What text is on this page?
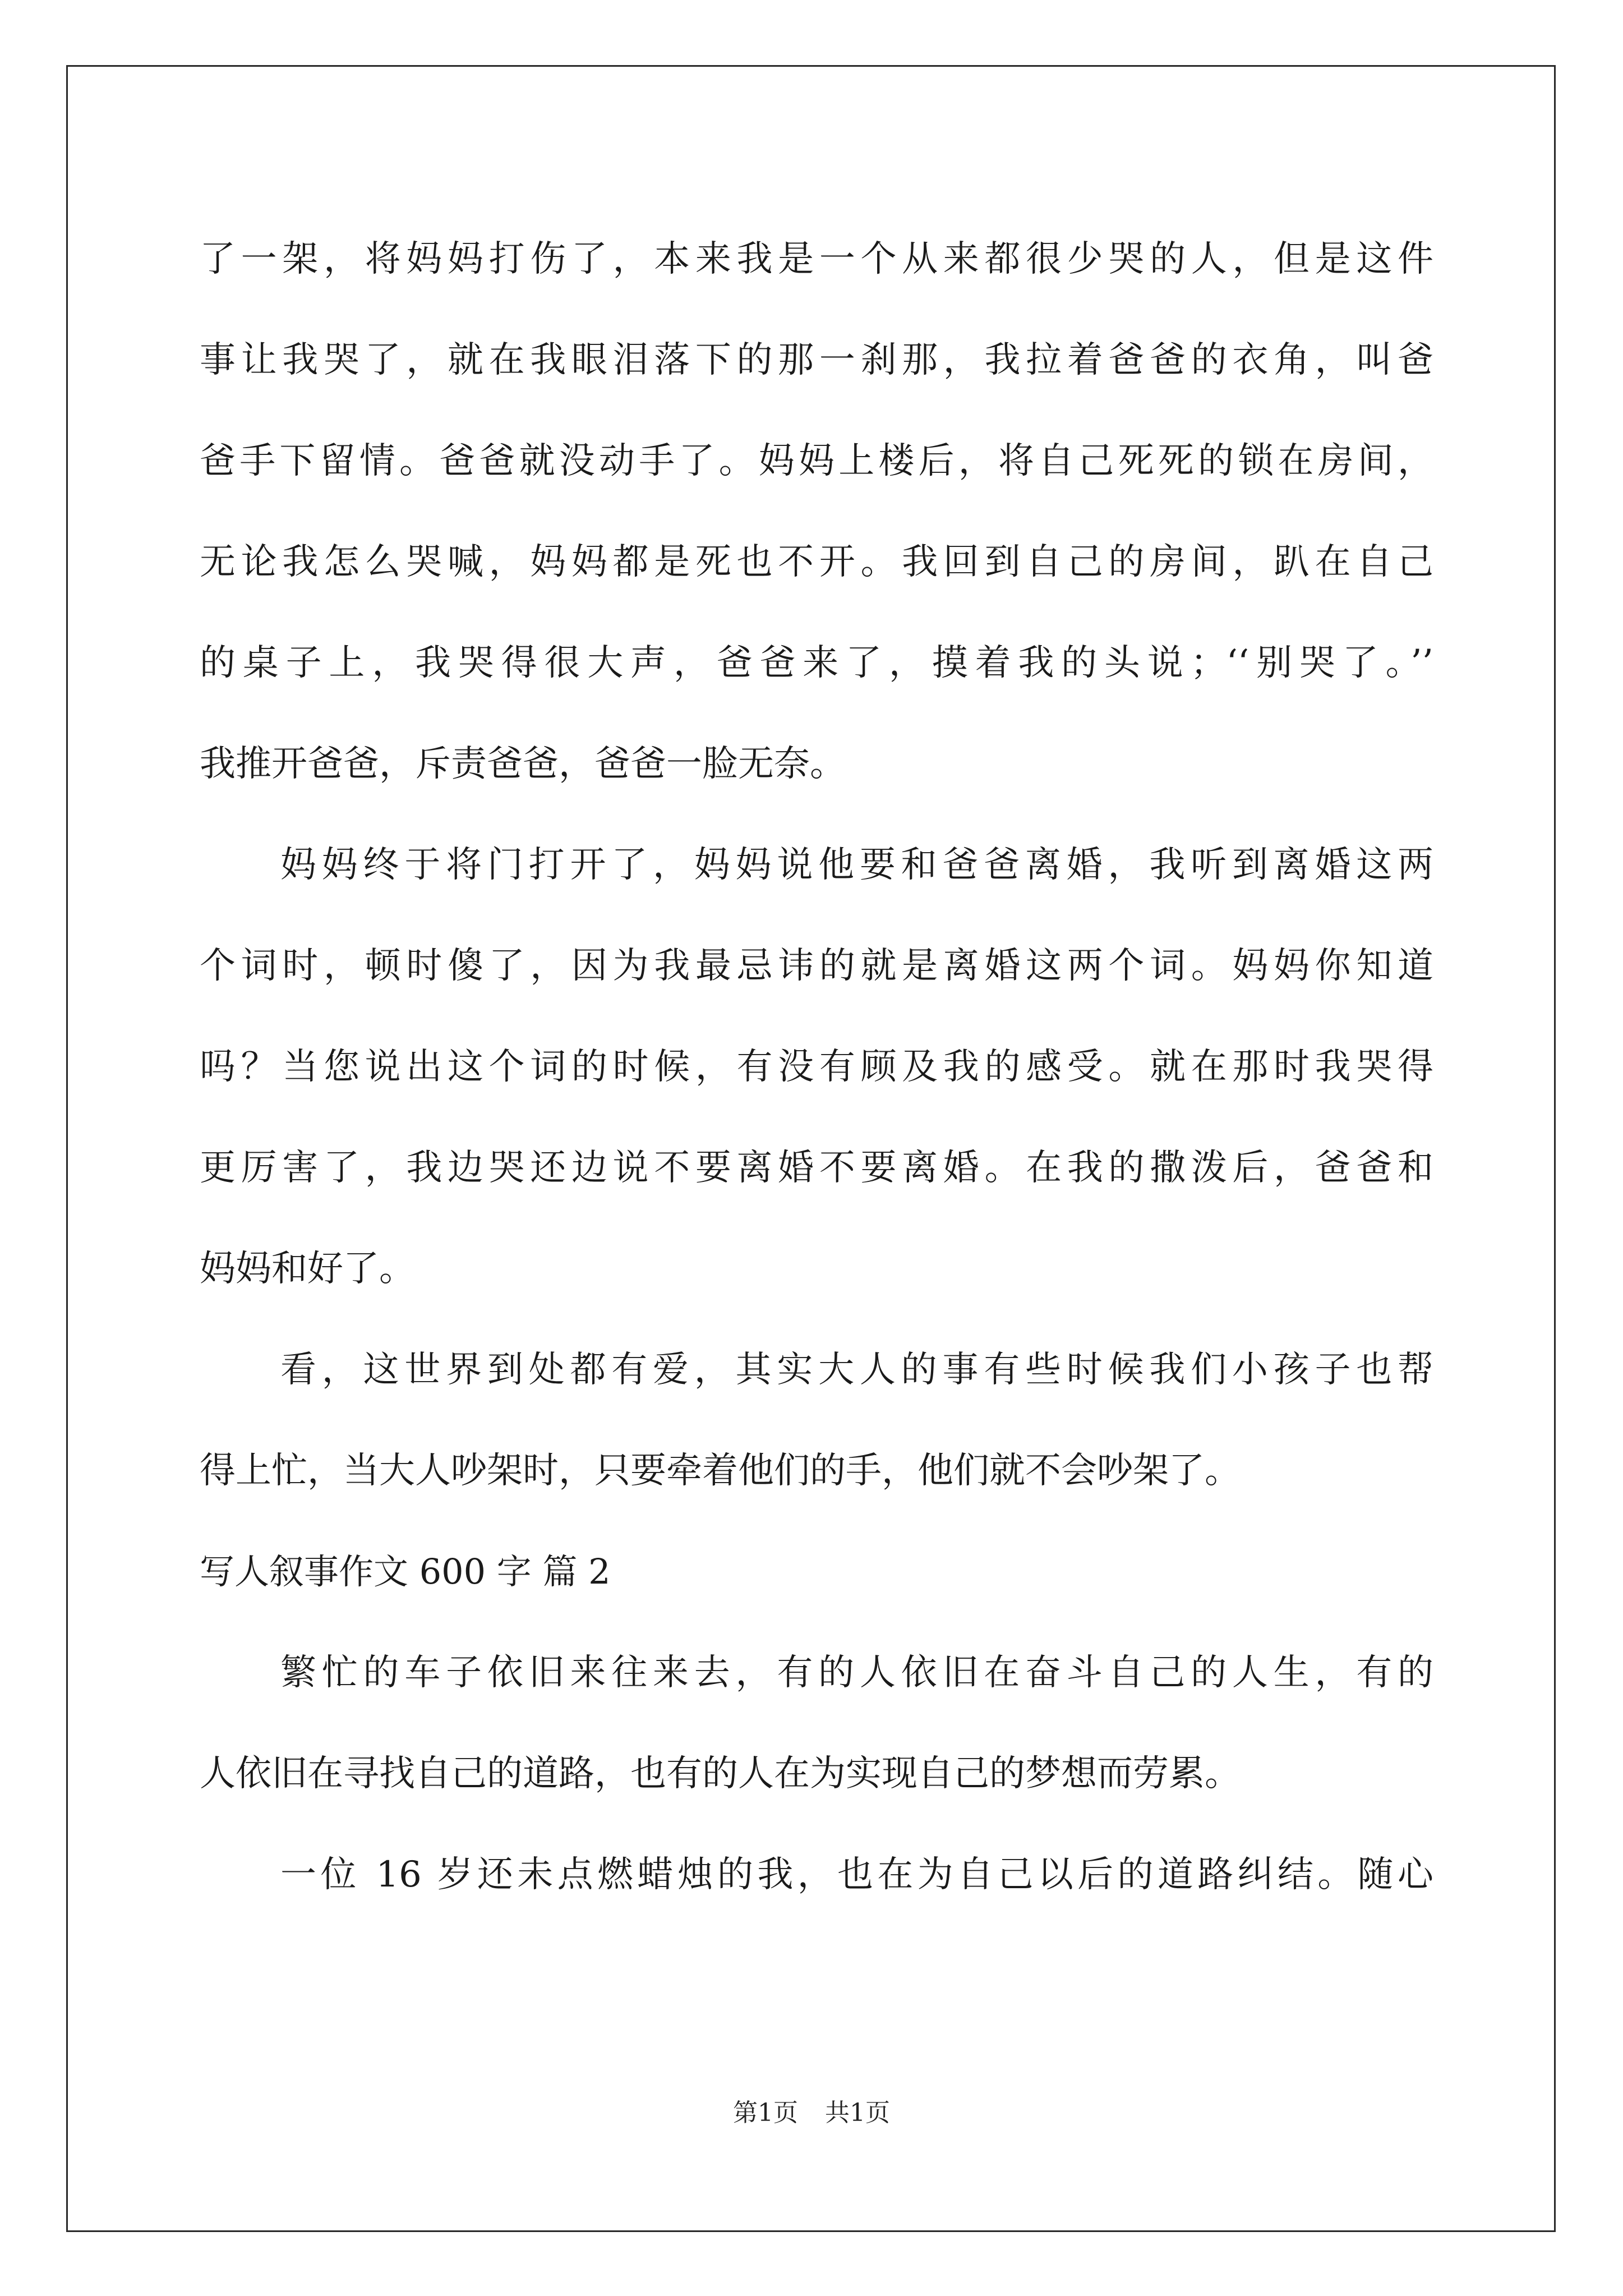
了一架，将妈妈打伤了，本来我是一个从来都很少哭的人，但是这件
事让我哭了，就在我眼泪落下的那一刹那，我拉着爸爸的衣角，叫爸
爸手下留情。爸爸就没动手了。妈妈上楼后，将自己死死的锁在房间，
无论我怎么哭喊，妈妈都是死也不开。我回到自己的房间，趴在自己
的桌子上，我哭得很大声，爸爸来了，摸着我的头说；‘‘别哭了。’’
我推开爸爸，斥责爸爸，爸爸一脸无奈。
妈妈终于将门打开了，妈妈说他要和爸爸离婚，我听到离婚这两
个词时，顿时傻了，因为我最忌讳的就是离婚这两个词。妈妈你知道
吗？当您说出这个词的时候，有没有顾及我的感受。就在那时我哭得
更厉害了，我边哭还边说不要离婚不要离婚。在我的撒泼后，爸爸和
妈妈和好了。
看，这世界到处都有爱，其实大人的事有些时候我们小孩子也帮
得上忙，当大人吵架时，只要牵着他们的手，他们就不会吵架了。
写人叙事作文 600 字 篇 2
繁忙的车子依旧来往来去，有的人依旧在奋斗自己的人生，有的
人依旧在寻找自己的道路，也有的人在为实现自己的梦想而劳累。
一位 16 岁还未点燃蜡烛的我，也在为自己以后的道路纠结。随心
第1页 共1页
